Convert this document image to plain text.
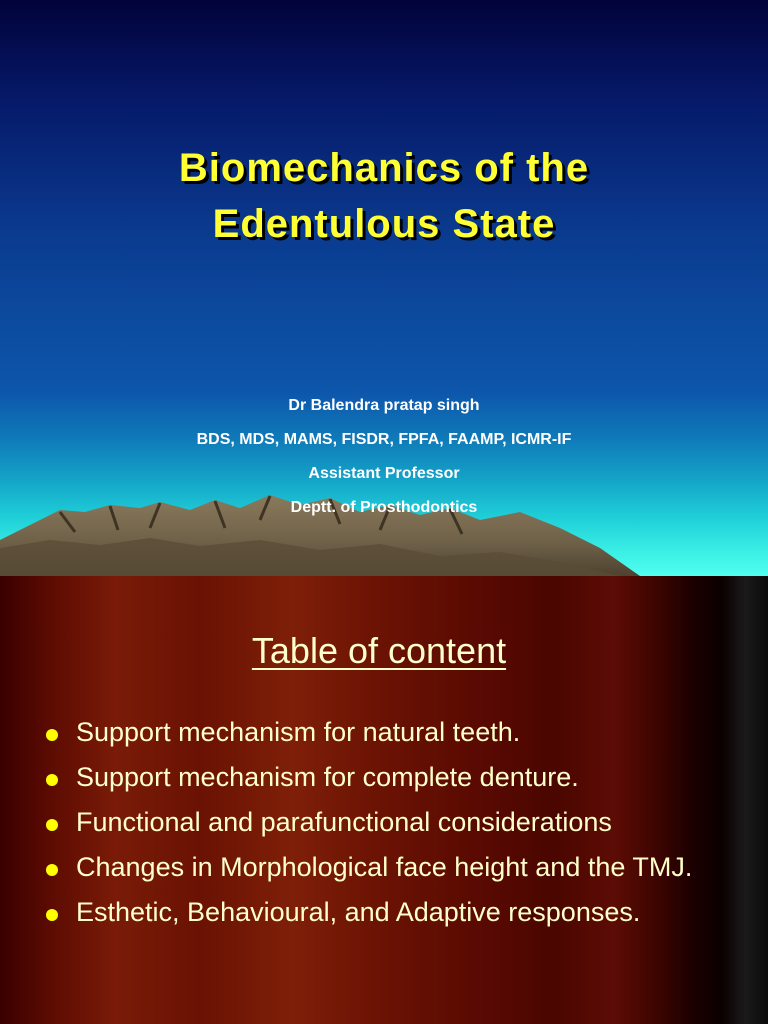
Biomechanics of the
Edentulous State
Dr Balendra pratap singh
BDS, MDS, MAMS, FISDR, FPFA, FAAMP, ICMR-IF
Assistant Professor
Deptt. of Prosthodontics
Table of content
Support mechanism for natural teeth.
Support mechanism for complete denture.
Functional and parafunctional considerations
Changes in Morphological face height and the TMJ.
Esthetic, Behavioural, and Adaptive responses.
